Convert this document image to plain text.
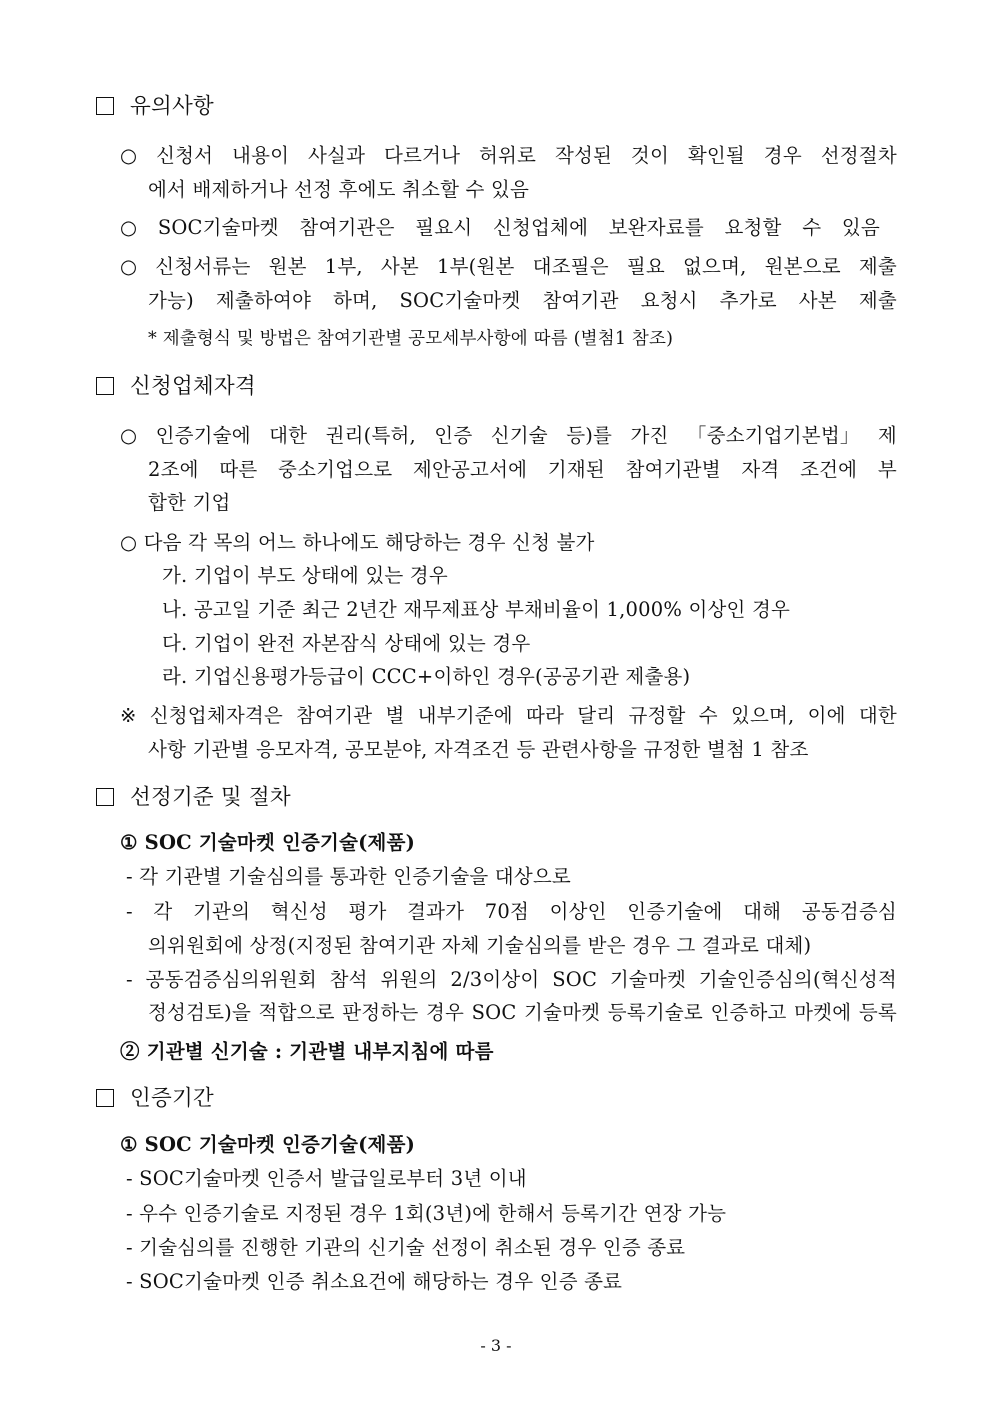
유의사항
○ 신청서 내용이 사실과 다르거나 허위로 작성된 것이 확인될 경우 선정절차
에서 배제하거나 선정 후에도 취소할 수 있음
○ SOC기술마켓 참여기관은 필요시 신청업체에 보완자료를 요청할 수 있음
○ 신청서류는 원본 1부, 사본 1부(원본 대조필은 필요 없으며, 원본으로 제출
가능) 제출하여야 하며, SOC기술마켓 참여기관 요청시 추가로 사본 제출
* 제출형식 및 방법은 참여기관별 공모세부사항에 따름 (별첨1 참조)
신청업체자격
○ 인증기술에 대한 권리(특허, 인증 신기술 등)를 가진 「중소기업기본법」 제
2조에 따른 중소기업으로 제안공고서에 기재된 참여기관별 자격 조건에 부
합한 기업
○ 다음 각 목의 어느 하나에도 해당하는 경우 신청 불가
가. 기업이 부도 상태에 있는 경우
나. 공고일 기준 최근 2년간 재무제표상 부채비율이 1,000% 이상인 경우
다. 기업이 완전 자본잠식 상태에 있는 경우
라. 기업신용평가등급이 CCC+이하인 경우(공공기관 제출용)
※ 신청업체자격은 참여기관 별 내부기준에 따라 달리 규정할 수 있으며, 이에 대한
사항 기관별 응모자격, 공모분야, 자격조건 등 관련사항을 규정한 별첨 1 참조
선정기준 및 절차
① SOC 기술마켓 인증기술(제품)
- 각 기관별 기술심의를 통과한 인증기술을 대상으로
- 각 기관의 혁신성 평가 결과가 70점 이상인 인증기술에 대해 공동검증심
의위원회에 상정(지정된 참여기관 자체 기술심의를 받은 경우 그 결과로 대체)
- 공동검증심의위원회 참석 위원의 2/3이상이 SOC 기술마켓 기술인증심의(혁신성적
정성검토)을 적합으로 판정하는 경우 SOC 기술마켓 등록기술로 인증하고 마켓에 등록
② 기관별 신기술 : 기관별 내부지침에 따름
인증기간
① SOC 기술마켓 인증기술(제품)
- SOC기술마켓 인증서 발급일로부터 3년 이내
- 우수 인증기술로 지정된 경우 1회(3년)에 한해서 등록기간 연장 가능
- 기술심의를 진행한 기관의 신기술 선정이 취소된 경우 인증 종료
- SOC기술마켓 인증 취소요건에 해당하는 경우 인증 종료
- 3 -
